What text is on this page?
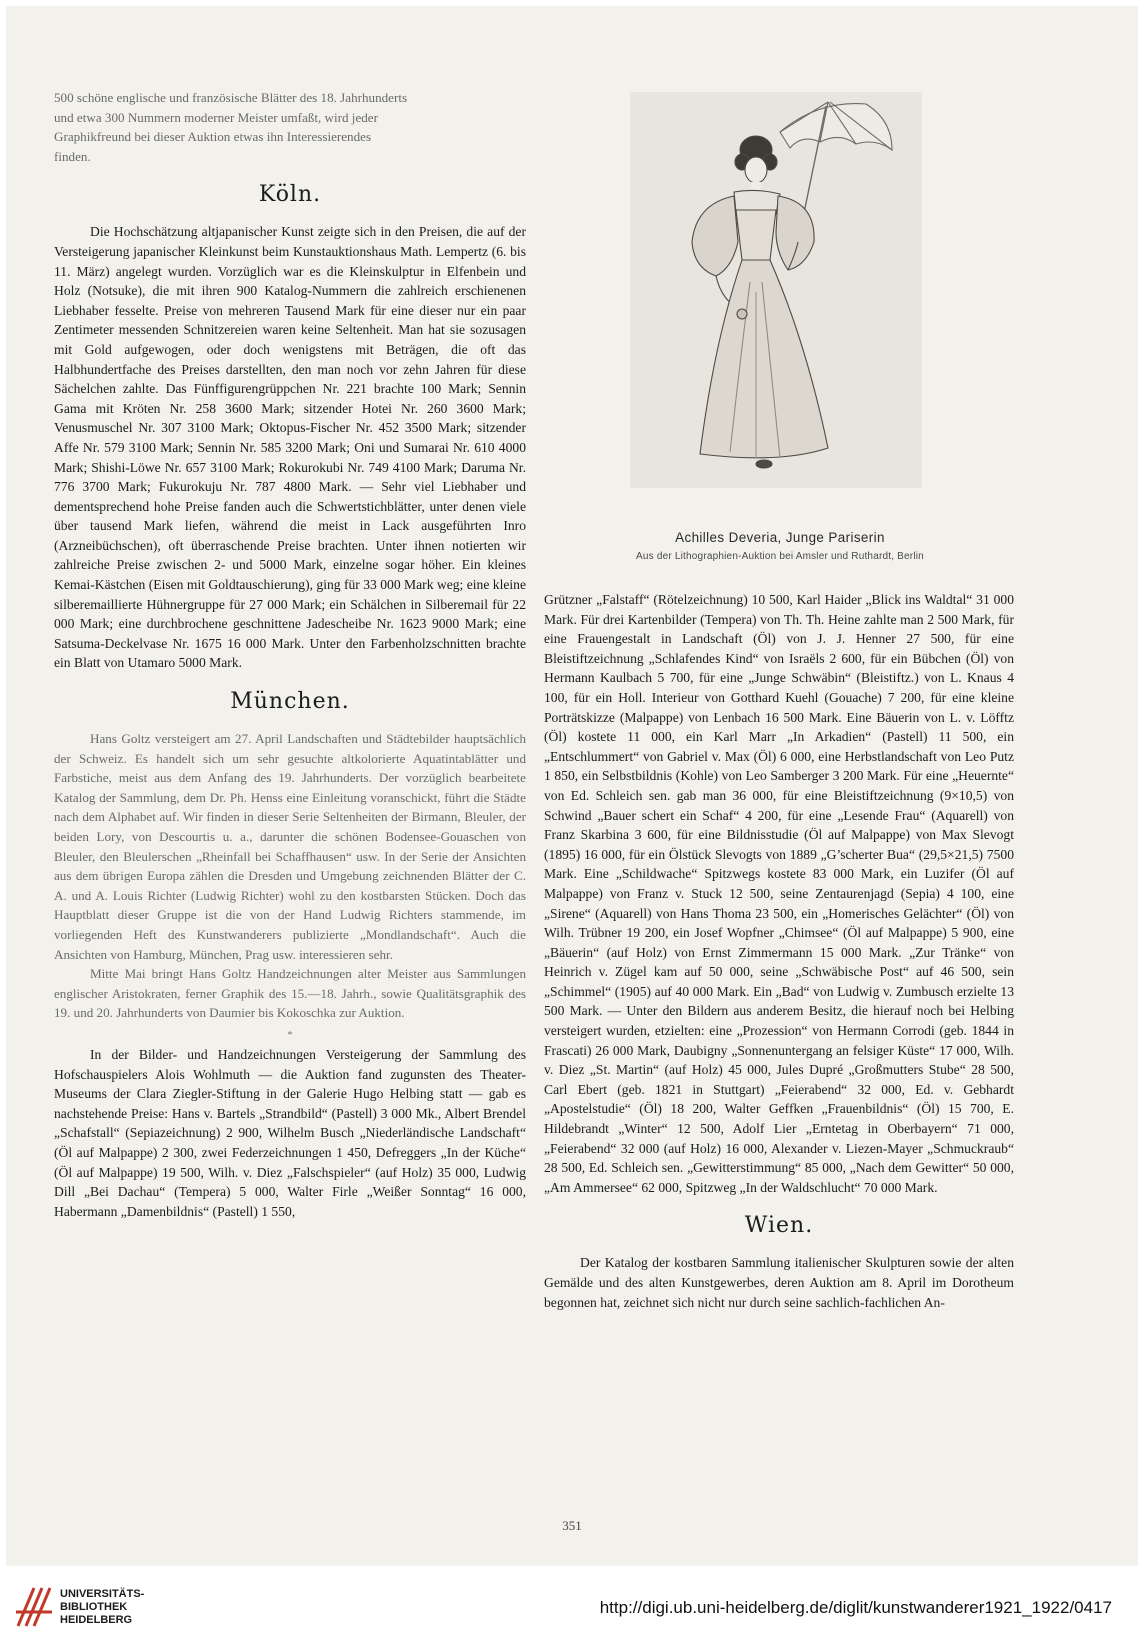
500 schöne englische und französische Blätter des 18. Jahrhunderts

und etwa 300 Nummern moderner Meister umfaßt, wird jeder

Graphikfreund bei dieser Auktion etwas ihn Interessierendes

finden.

Köln.

Die Hochschätzung altjapanischer Kunst zeigte sich in den Preisen, die auf der Versteigerung japanischer Kleinkunst beim Kunstauktionshaus Math. Lempertz (6. bis 11. März) angelegt wurden. Vorzüglich war es die Kleinskulptur in Elfenbein und Holz (Notsuke), die mit ihren 900 Katalog-Nummern die zahlreich erschienenen Liebhaber fesselte. Preise von mehreren Tausend Mark für eine dieser nur ein paar Zentimeter messenden Schnitzereien waren keine Seltenheit. Man hat sie sozusagen mit Gold aufgewogen, oder doch wenigstens mit Beträgen, die oft das Halbhundertfache des Preises darstellten, den man noch vor zehn Jahren für diese Sächelchen zahlte. Das Fünffigurengrüppchen Nr. 221 brachte 100 Mark; Sennin Gama mit Kröten Nr. 258 3600 Mark; sitzender Hotei Nr. 260 3600 Mark; Venusmuschel Nr. 307 3100 Mark; Oktopus-Fischer Nr. 452 3500 Mark; sitzender Affe Nr. 579 3100 Mark; Sennin Nr. 585 3200 Mark; Oni und Sumarai Nr. 610 4000 Mark; Shishi-Löwe Nr. 657 3100 Mark; Rokurokubi Nr. 749 4100 Mark; Daruma Nr. 776 3700 Mark; Fukurokuju Nr. 787 4800 Mark. — Sehr viel Liebhaber und dementsprechend hohe Preise fanden auch die Schwertstichblätter, unter denen viele über tausend Mark liefen, während die meist in Lack ausgeführten Inro (Arzneibüchschen), oft überraschende Preise brachten. Unter ihnen notierten wir zahlreiche Preise zwischen 2- und 5000 Mark, einzelne sogar höher. Ein kleines Kemai-Kästchen (Eisen mit Goldtauschierung), ging für 33 000 Mark weg; eine kleine silberemaillierte Hühnergruppe für 27 000 Mark; ein Schälchen in Silberemail für 22 000 Mark; eine durchbrochene geschnittene Jadescheibe Nr. 1623 9000 Mark; eine Satsuma-Deckelvase Nr. 1675 16 000 Mark. Unter den Farbenholzschnitten brachte ein Blatt von Utamaro 5000 Mark.

München.

Hans Goltz versteigert am 27. April Landschaften und Städtebilder hauptsächlich der Schweiz. Es handelt sich um sehr gesuchte altkolorierte Aquatintablätter und Farbstiche, meist aus dem Anfang des 19. Jahrhunderts. Der vorzüglich bearbeitete Katalog der Sammlung, dem Dr. Ph. Henss eine Einleitung voranschickt, führt die Städte nach dem Alphabet auf. Wir finden in dieser Serie Seltenheiten der Birmann, Bleuler, der beiden Lory, von Descourtis u. a., darunter die schönen Bodensee-Gouaschen von Bleuler, den Bleulerschen „Rheinfall bei Schaffhausen“ usw. In der Serie der Ansichten aus dem übrigen Europa zählen die Dresden und Umgebung zeichnenden Blätter der C. A. und A. Louis Richter (Ludwig Richter) wohl zu den kostbarsten Stücken. Doch das Hauptblatt dieser Gruppe ist die von der Hand Ludwig Richters stammende, im vorliegenden Heft des Kunstwanderers publizierte „Mondlandschaft“. Auch die Ansichten von Hamburg, München, Prag usw. interessieren sehr.

Mitte Mai bringt Hans Goltz Handzeichnungen alter Meister aus Sammlungen englischer Aristokraten, ferner Graphik des 15.—18. Jahrh., sowie Qualitätsgraphik des 19. und 20. Jahrhunderts von Daumier bis Kokoschka zur Auktion.

*

In der Bilder- und Handzeichnungen Versteigerung der Sammlung des Hofschauspielers Alois Wohlmuth — die Auktion fand zugunsten des Theater-Museums der Clara Ziegler-Stiftung in der Galerie Hugo Helbing statt — gab es nachstehende Preise: Hans v. Bartels „Strandbild“ (Pastell) 3 000 Mk., Albert Brendel „Schafstall“ (Sepiazeichnung) 2 900, Wilhelm Busch „Niederländische Landschaft“ (Öl auf Malpappe) 2 300, zwei Federzeichnungen 1 450, Defreggers „In der Küche“ (Öl auf Malpappe) 19 500, Wilh. v. Diez „Falschspieler“ (auf Holz) 35 000, Ludwig Dill „Bei Dachau“ (Tempera) 5 000, Walter Firle „Weißer Sonntag“ 16 000, Habermann „Damenbildnis“ (Pastell) 1 550,

Achilles Deveria, Junge Pariserin
Aus der Lithographien-Auktion bei Amsler und Ruthardt, Berlin

Grützner „Falstaff“ (Rötelzeichnung) 10 500, Karl Haider „Blick ins Waldtal“ 31 000 Mark. Für drei Kartenbilder (Tempera) von Th. Th. Heine zahlte man 2 500 Mark, für eine Frauengestalt in Landschaft (Öl) von J. J. Henner 27 500, für eine Bleistiftzeichnung „Schlafendes Kind“ von Israëls 2 600, für ein Bübchen (Öl) von Hermann Kaulbach 5 700, für eine „Junge Schwäbin“ (Bleistiftz.) von L. Knaus 4 100, für ein Holl. Interieur von Gotthard Kuehl (Gouache) 7 200, für eine kleine Porträtskizze (Malpappe) von Lenbach 16 500 Mark. Eine Bäuerin von L. v. Löfftz (Öl) kostete 11 000, ein Karl Marr „In Arkadien“ (Pastell) 11 500, ein „Entschlummert“ von Gabriel v. Max (Öl) 6 000, eine Herbstlandschaft von Leo Putz 1 850, ein Selbstbildnis (Kohle) von Leo Samberger 3 200 Mark. Für eine „Heuernte“ von Ed. Schleich sen. gab man 36 000, für eine Bleistiftzeichnung (9×10,5) von Schwind „Bauer schert ein Schaf“ 4 200, für eine „Lesende Frau“ (Aquarell) von Franz Skarbina 3 600, für eine Bildnisstudie (Öl auf Malpappe) von Max Slevogt (1895) 16 000, für ein Ölstück Slevogts von 1889 „G’scherter Bua“ (29,5×21,5) 7500 Mark. Eine „Schildwache“ Spitzwegs kostete 83 000 Mark, ein Luzifer (Öl auf Malpappe) von Franz v. Stuck 12 500, seine Zentaurenjagd (Sepia) 4 100, eine „Sirene“ (Aquarell) von Hans Thoma 23 500, ein „Homerisches Gelächter“ (Öl) von Wilh. Trübner 19 200, ein Josef Wopfner „Chimsee“ (Öl auf Malpappe) 5 900, eine „Bäuerin“ (auf Holz) von Ernst Zimmermann 15 000 Mark. „Zur Tränke“ von Heinrich v. Zügel kam auf 50 000, seine „Schwäbische Post“ auf 46 500, sein „Schimmel“ (1905) auf 40 000 Mark. Ein „Bad“ von Ludwig v. Zumbusch erzielte 13 500 Mark. — Unter den Bildern aus anderem Besitz, die hierauf noch bei Helbing versteigert wurden, etzielten: eine „Prozession“ von Hermann Corrodi (geb. 1844 in Frascati) 26 000 Mark, Daubigny „Sonnenuntergang an felsiger Küste“ 17 000, Wilh. v. Diez „St. Martin“ (auf Holz) 45 000, Jules Dupré „Großmutters Stube“ 28 500, Carl Ebert (geb. 1821 in Stuttgart) „Feierabend“ 32 000, Ed. v. Gebhardt „Apostelstudie“ (Öl) 18 200, Walter Geffken „Frauenbildnis“ (Öl) 15 700, E. Hildebrandt „Winter“ 12 500, Adolf Lier „Erntetag in Oberbayern“ 71 000, „Feierabend“ 32 000 (auf Holz) 16 000, Alexander v. Liezen-Mayer „Schmuckraub“ 28 500, Ed. Schleich sen. „Gewitterstimmung“ 85 000, „Nach dem Gewitter“ 50 000, „Am Ammersee“ 62 000, Spitzweg „In der Waldschlucht“ 70 000 Mark.

Wien.

Der Katalog der kostbaren Sammlung italienischer Skulpturen sowie der alten Gemälde und des alten Kunstgewerbes, deren Auktion am 8. April im Dorotheum begonnen hat, zeichnet sich nicht nur durch seine sachlich-fachlichen An-

351
UNIVERSITÄTS-
BIBLIOTHEK
HEIDELBERG
http://digi.ub.uni-heidelberg.de/diglit/kunstwanderer1921_1922/0417
